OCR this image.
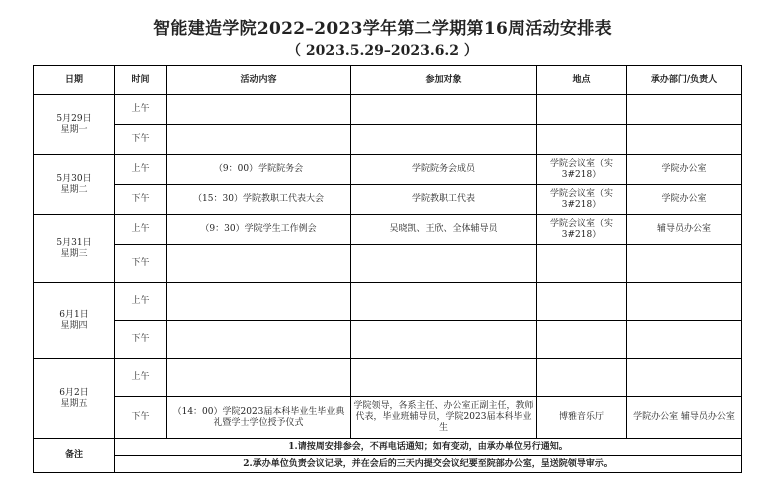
智能建造学院2022–2023学年第二学期第16周活动安排表
（ 2023.5.29–2023.6.2 ）
日期	时间	活动内容	参加对象	地点	承办部门/负责人
5月29日
星期一	上午				
	下午				
5月30日
星期二	上午	（9：00）学院院务会	学院院务会成员	学院会议室（实3#218）	学院办公室
	下午	（15：30）学院教职工代表大会	学院教职工代表	学院会议室（实3#218）	学院办公室
5月31日
星期三	上午	（9：30）学院学生工作例会	吴晓凯、王欣、全体辅导员	学院会议室（实3#218）	辅导员办公室
	下午				
6月1日
星期四	上午				
	下午				
6月2日
星期五	上午				
	下午	（14：00）学院2023届本科毕业生毕业典礼暨学士学位授予仪式	学院领导，各系主任、办公室正副主任，教师代表，毕业班辅导员，学院2023届本科毕业生	博雅音乐厅	学院办公室 辅导员办公室
备注	1.请按周安排参会，不再电话通知；如有变动，由承办单位另行通知。				
	2.承办单位负责会议记录，并在会后的三天内提交会议纪要至院部办公室，呈送院领导审示。				
